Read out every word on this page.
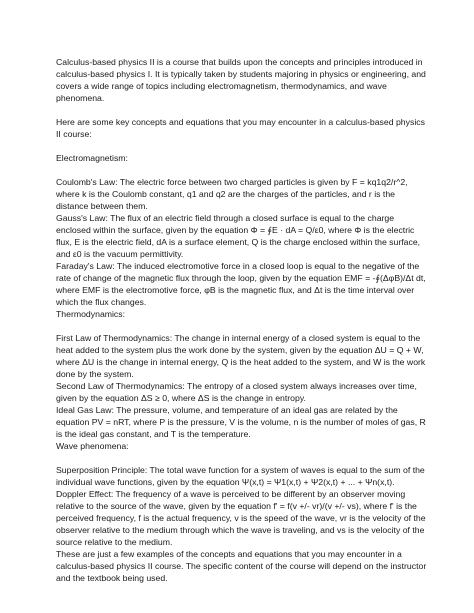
Calculus-based physics II is a course that builds upon the concepts and principles introduced in calculus-based physics I. It is typically taken by students majoring in physics or engineering, and covers a wide range of topics including electromagnetism, thermodynamics, and wave phenomena.

Here are some key concepts and equations that you may encounter in a calculus-based physics II course:

Electromagnetism:

Coulomb's Law: The electric force between two charged particles is given by F = kq1q2/r^2, where k is the Coulomb constant, q1 and q2 are the charges of the particles, and r is the distance between them.

Gauss's Law: The flux of an electric field through a closed surface is equal to the charge enclosed within the surface, given by the equation Φ = ∮E · dA = Q/ε0, where Φ is the electric flux, E is the electric field, dA is a surface element, Q is the charge enclosed within the surface, and ε0 is the vacuum permittivity.

Faraday's Law: The induced electromotive force in a closed loop is equal to the negative of the rate of change of the magnetic flux through the loop, given by the equation EMF = -∮(ΔφB)/Δt dt, where EMF is the electromotive force, φB is the magnetic flux, and Δt is the time interval over which the flux changes.

Thermodynamics:

First Law of Thermodynamics: The change in internal energy of a closed system is equal to the heat added to the system plus the work done by the system, given by the equation ΔU = Q + W, where ΔU is the change in internal energy, Q is the heat added to the system, and W is the work done by the system.

Second Law of Thermodynamics: The entropy of a closed system always increases over time, given by the equation ΔS ≥ 0, where ΔS is the change in entropy.

Ideal Gas Law: The pressure, volume, and temperature of an ideal gas are related by the equation PV = nRT, where P is the pressure, V is the volume, n is the number of moles of gas, R is the ideal gas constant, and T is the temperature.

Wave phenomena:

Superposition Principle: The total wave function for a system of waves is equal to the sum of the individual wave functions, given by the equation Ψ(x,t) = Ψ1(x,t) + Ψ2(x,t) + ... + Ψn(x,t).

Doppler Effect: The frequency of a wave is perceived to be different by an observer moving relative to the source of the wave, given by the equation f' = f(v +/- vr)/(v +/- vs), where f' is the perceived frequency, f is the actual frequency, v is the speed of the wave, vr is the velocity of the observer relative to the medium through which the wave is traveling, and vs is the velocity of the source relative to the medium.

These are just a few examples of the concepts and equations that you may encounter in a calculus-based physics II course. The specific content of the course will depend on the instructor and the textbook being used.
